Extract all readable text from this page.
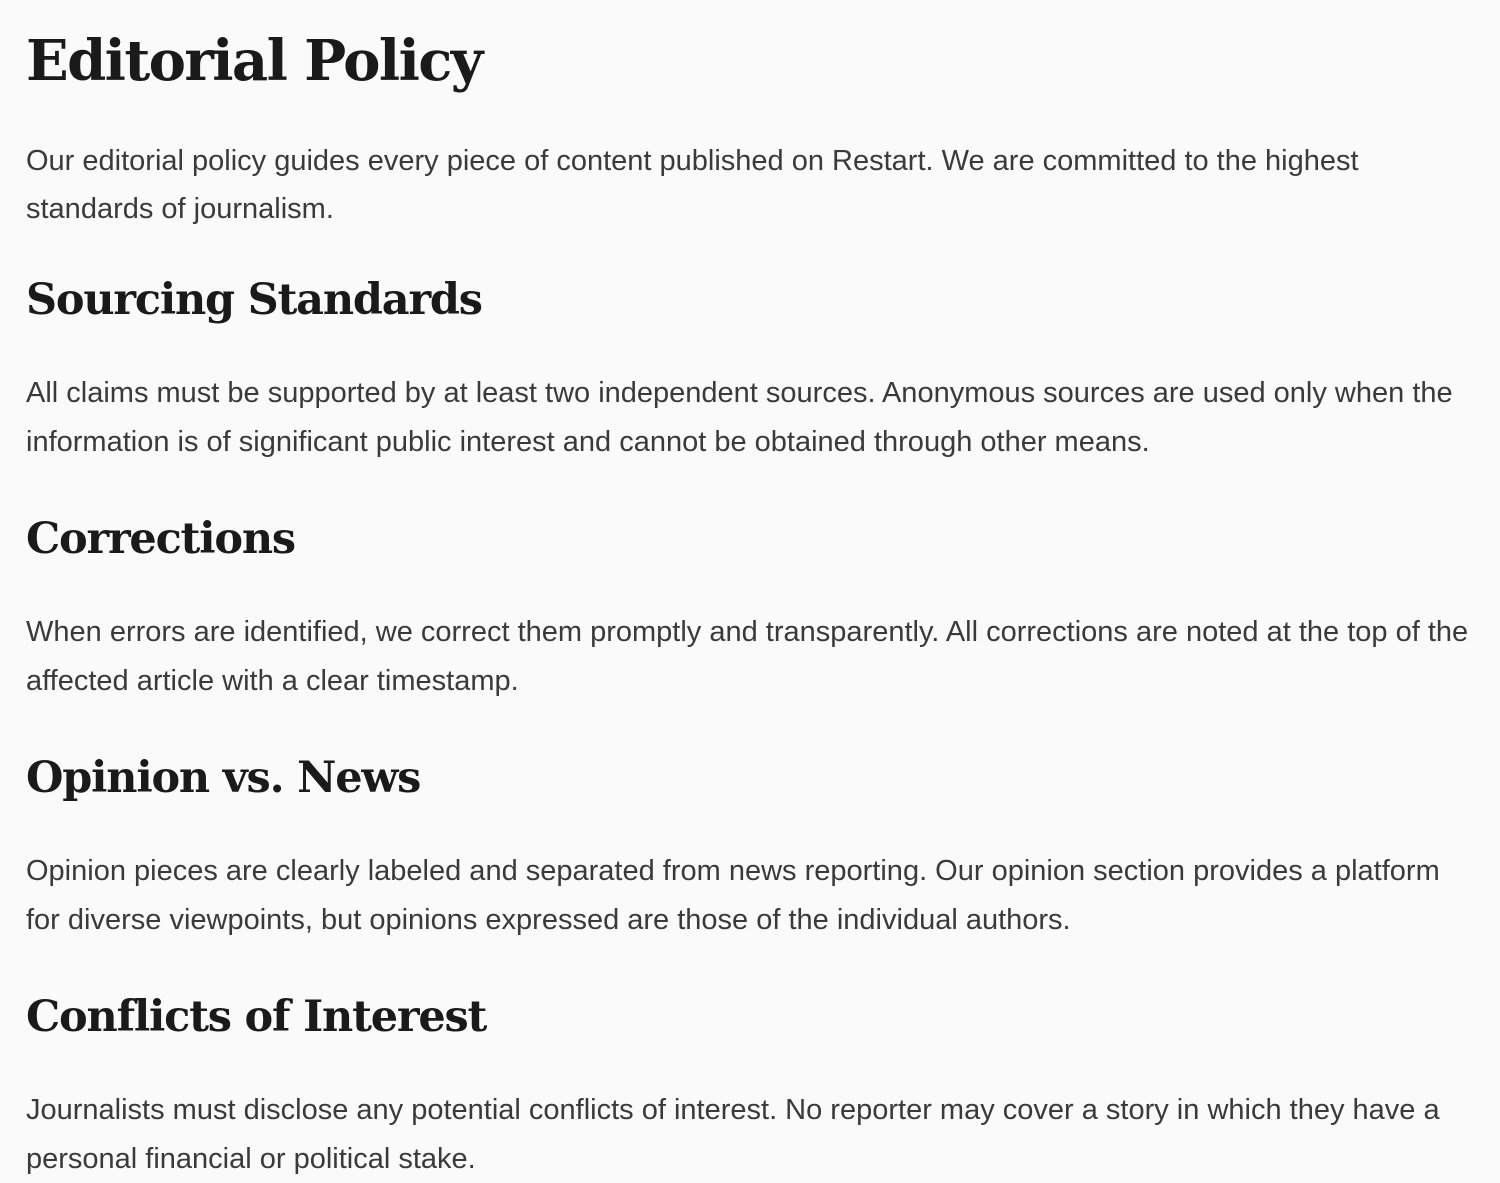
Editorial Policy

Our editorial policy guides every piece of content published on Restart. We are committed to the highest standards of journalism.

Sourcing Standards

All claims must be supported by at least two independent sources. Anonymous sources are used only when the information is of significant public interest and cannot be obtained through other means.

Corrections

When errors are identified, we correct them promptly and transparently. All corrections are noted at the top of the affected article with a clear timestamp.

Opinion vs. News

Opinion pieces are clearly labeled and separated from news reporting. Our opinion section provides a platform for diverse viewpoints, but opinions expressed are those of the individual authors.

Conflicts of Interest

Journalists must disclose any potential conflicts of interest. No reporter may cover a story in which they have a personal financial or political stake.
